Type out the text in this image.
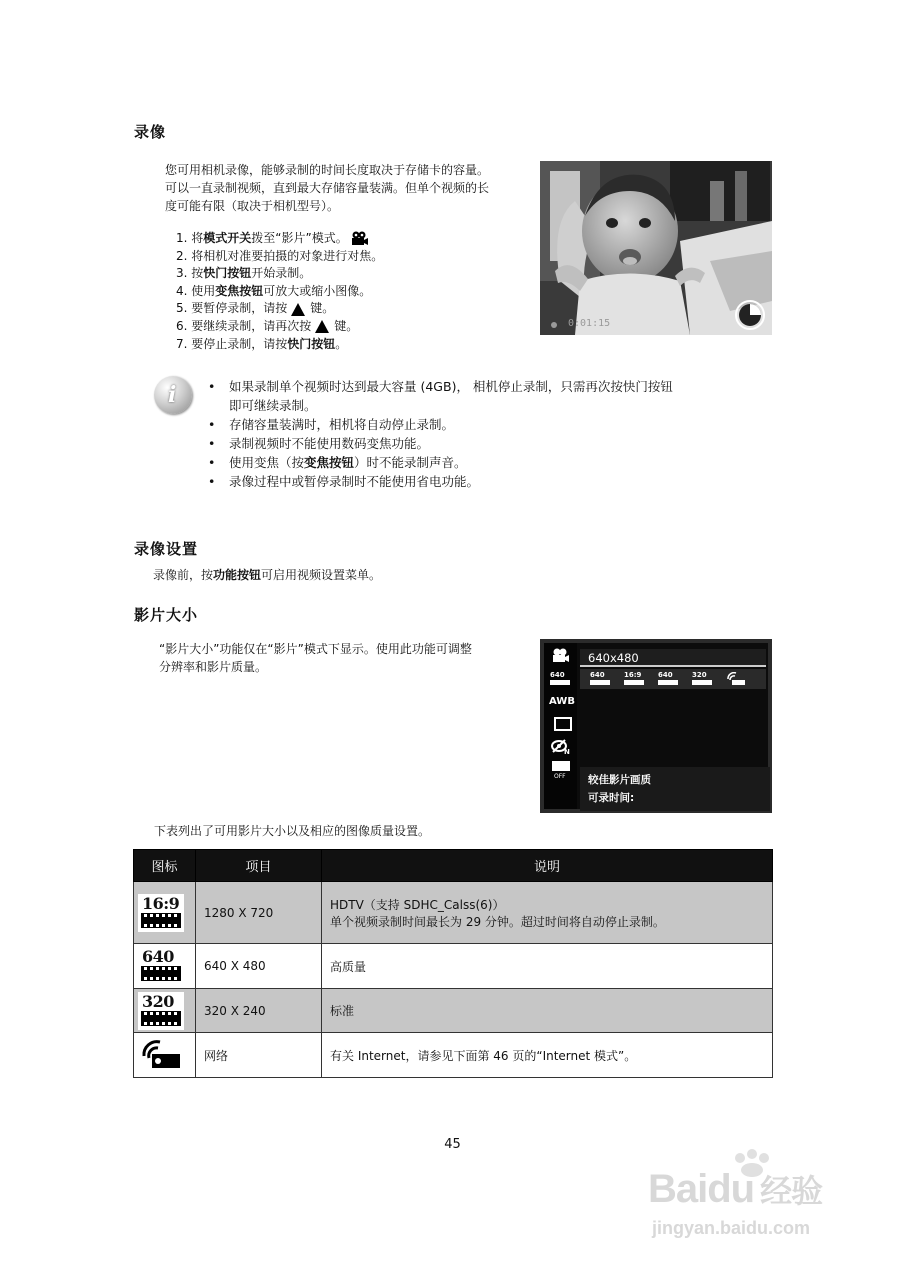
录像
您可用相机录像，能够录制的时间长度取决于存储卡的容量。
可以一直录制视频，直到最大存储容量装满。但单个视频的长
度可能有限（取决于相机型号）。
1. 将 模式开关 拨至“影片”模式。
2. 将相机对准要拍摄的对象进行对焦。
3. 按 快门按钮 开始录制。
4. 使用 变焦按钮 可放大或缩小图像。
5. 要暂停录制，请按 键。
6. 要继续录制，请再次按 键。
7. 要停止录制，请按 快门按钮 。
0:01:15
i	• 如果录制单个视频时达到最大容量 (4GB)， 相机停止录制，只需再次按快门按钮
即可继续录制。
• 存储容量装满时，相机将自动停止录制。
• 录制视频时不能使用数码变焦功能。
• 使用变焦（按变焦按钮）时不能录制声音。
• 录像过程中或暂停录制时不能使用省电功能。
录像设置
录像前，按功能按钮可启用视频设置菜单。
影片大小
“影片大小”功能仅在“影片”模式下显示。使用此功能可调整
分辨率和影片质量。
640
AWB
N
OFF
640x480
640	16:9	640	320
较佳影片画质
可录时间:
下表列出了可用影片大小以及相应的图像质量设置。
图标	项目	说明

16:9	1280 X 720	HDTV（支持 SDHC_Calss(6)）
单个视频录制时间最长为 29 分钟。超过时间将自动停止录制。

640	640 X 480	高质量

320	320 X 240	标准

	网络	有关 Internet，请参见下面第 46 页的“Internet 模式”。
45
Baidu 经验
jingyan.baidu.com
